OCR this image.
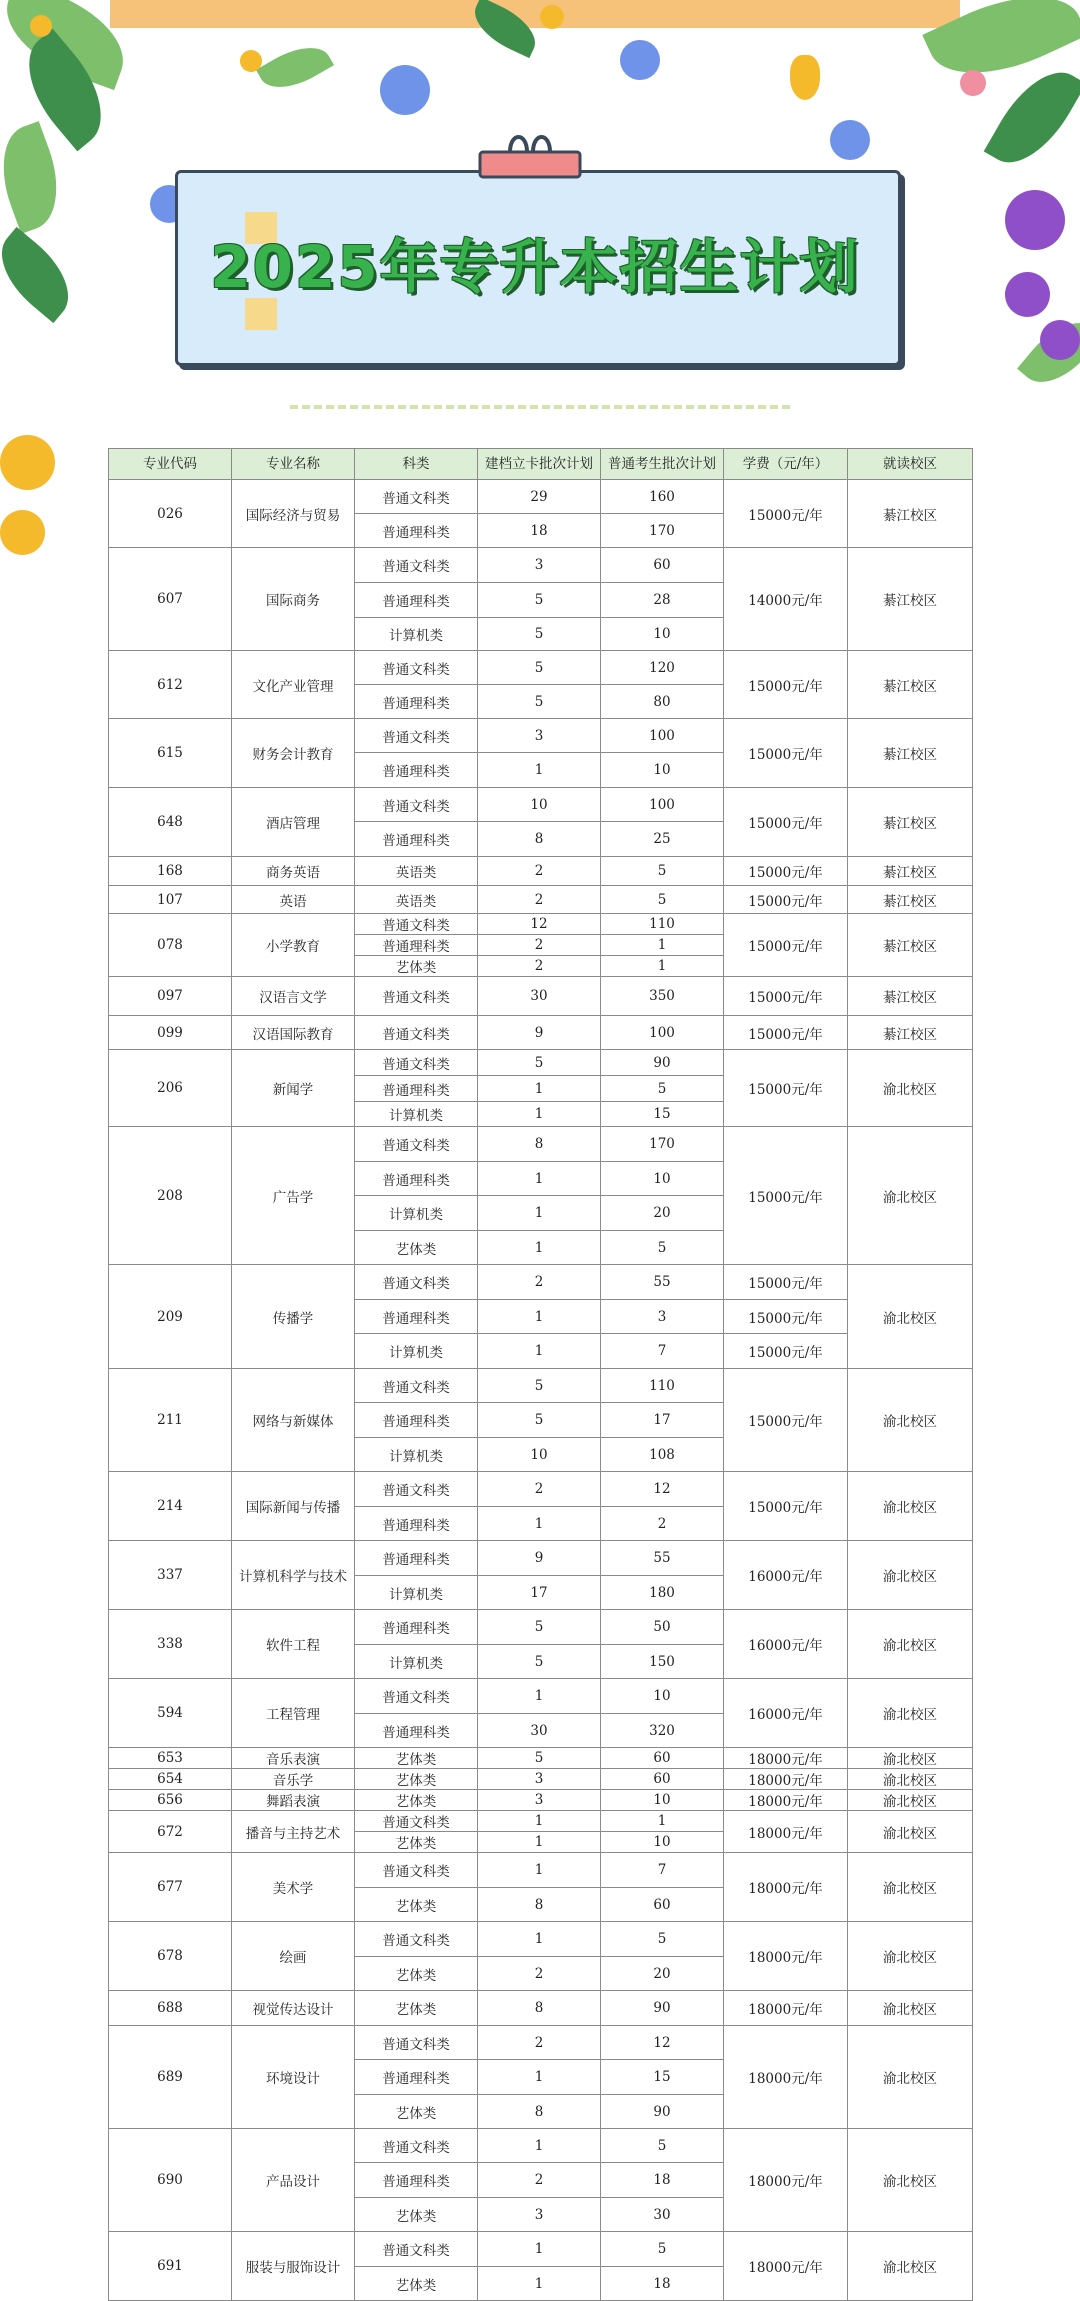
2025年专升本招生计划
专业代码	专业名称	科类	建档立卡批次计划	普通考生批次计划	学费（元/年）	就读校区
026	国际经济与贸易	普通文科类	29	160	15000元/年	綦江校区
		普通理科类	18	170		
607	国际商务	普通文科类	3	60	14000元/年	綦江校区
		普通理科类	5	28		
		计算机类	5	10		
612	文化产业管理	普通文科类	5	120	15000元/年	綦江校区
		普通理科类	5	80		
615	财务会计教育	普通文科类	3	100	15000元/年	綦江校区
		普通理科类	1	10		
648	酒店管理	普通文科类	10	100	15000元/年	綦江校区
		普通理科类	8	25		
168	商务英语	英语类	2	5	15000元/年	綦江校区
107	英语	英语类	2	5	15000元/年	綦江校区
078	小学教育	普通文科类	12	110	15000元/年	綦江校区
		普通理科类	2	1		
		艺体类	2	1		
097	汉语言文学	普通文科类	30	350	15000元/年	綦江校区
099	汉语国际教育	普通文科类	9	100	15000元/年	綦江校区
206	新闻学	普通文科类	5	90	15000元/年	渝北校区
		普通理科类	1	5		
		计算机类	1	15		
208	广告学	普通文科类	8	170	15000元/年	渝北校区
		普通理科类	1	10		
		计算机类	1	20		
		艺体类	1	5		
209	传播学	普通文科类	2	55	15000元/年	渝北校区
		普通理科类	1	3	15000元/年	
		计算机类	1	7	15000元/年	
211	网络与新媒体	普通文科类	5	110	15000元/年	渝北校区
		普通理科类	5	17		
		计算机类	10	108		
214	国际新闻与传播	普通文科类	2	12	15000元/年	渝北校区
		普通理科类	1	2		
337	计算机科学与技术	普通理科类	9	55	16000元/年	渝北校区
		计算机类	17	180		
338	软件工程	普通理科类	5	50	16000元/年	渝北校区
		计算机类	5	150		
594	工程管理	普通文科类	1	10	16000元/年	渝北校区
		普通理科类	30	320		
653	音乐表演	艺体类	5	60	18000元/年	渝北校区
654	音乐学	艺体类	3	60	18000元/年	渝北校区
656	舞蹈表演	艺体类	3	10	18000元/年	渝北校区
672	播音与主持艺术	普通文科类	1	1	18000元/年	渝北校区
		艺体类	1	10		
677	美术学	普通文科类	1	7	18000元/年	渝北校区
		艺体类	8	60		
678	绘画	普通文科类	1	5	18000元/年	渝北校区
		艺体类	2	20		
688	视觉传达设计	艺体类	8	90	18000元/年	渝北校区
689	环境设计	普通文科类	2	12	18000元/年	渝北校区
		普通理科类	1	15		
		艺体类	8	90		
690	产品设计	普通文科类	1	5	18000元/年	渝北校区
		普通理科类	2	18		
		艺体类	3	30		
691	服装与服饰设计	普通文科类	1	5	18000元/年	渝北校区
		艺体类	1	18		
